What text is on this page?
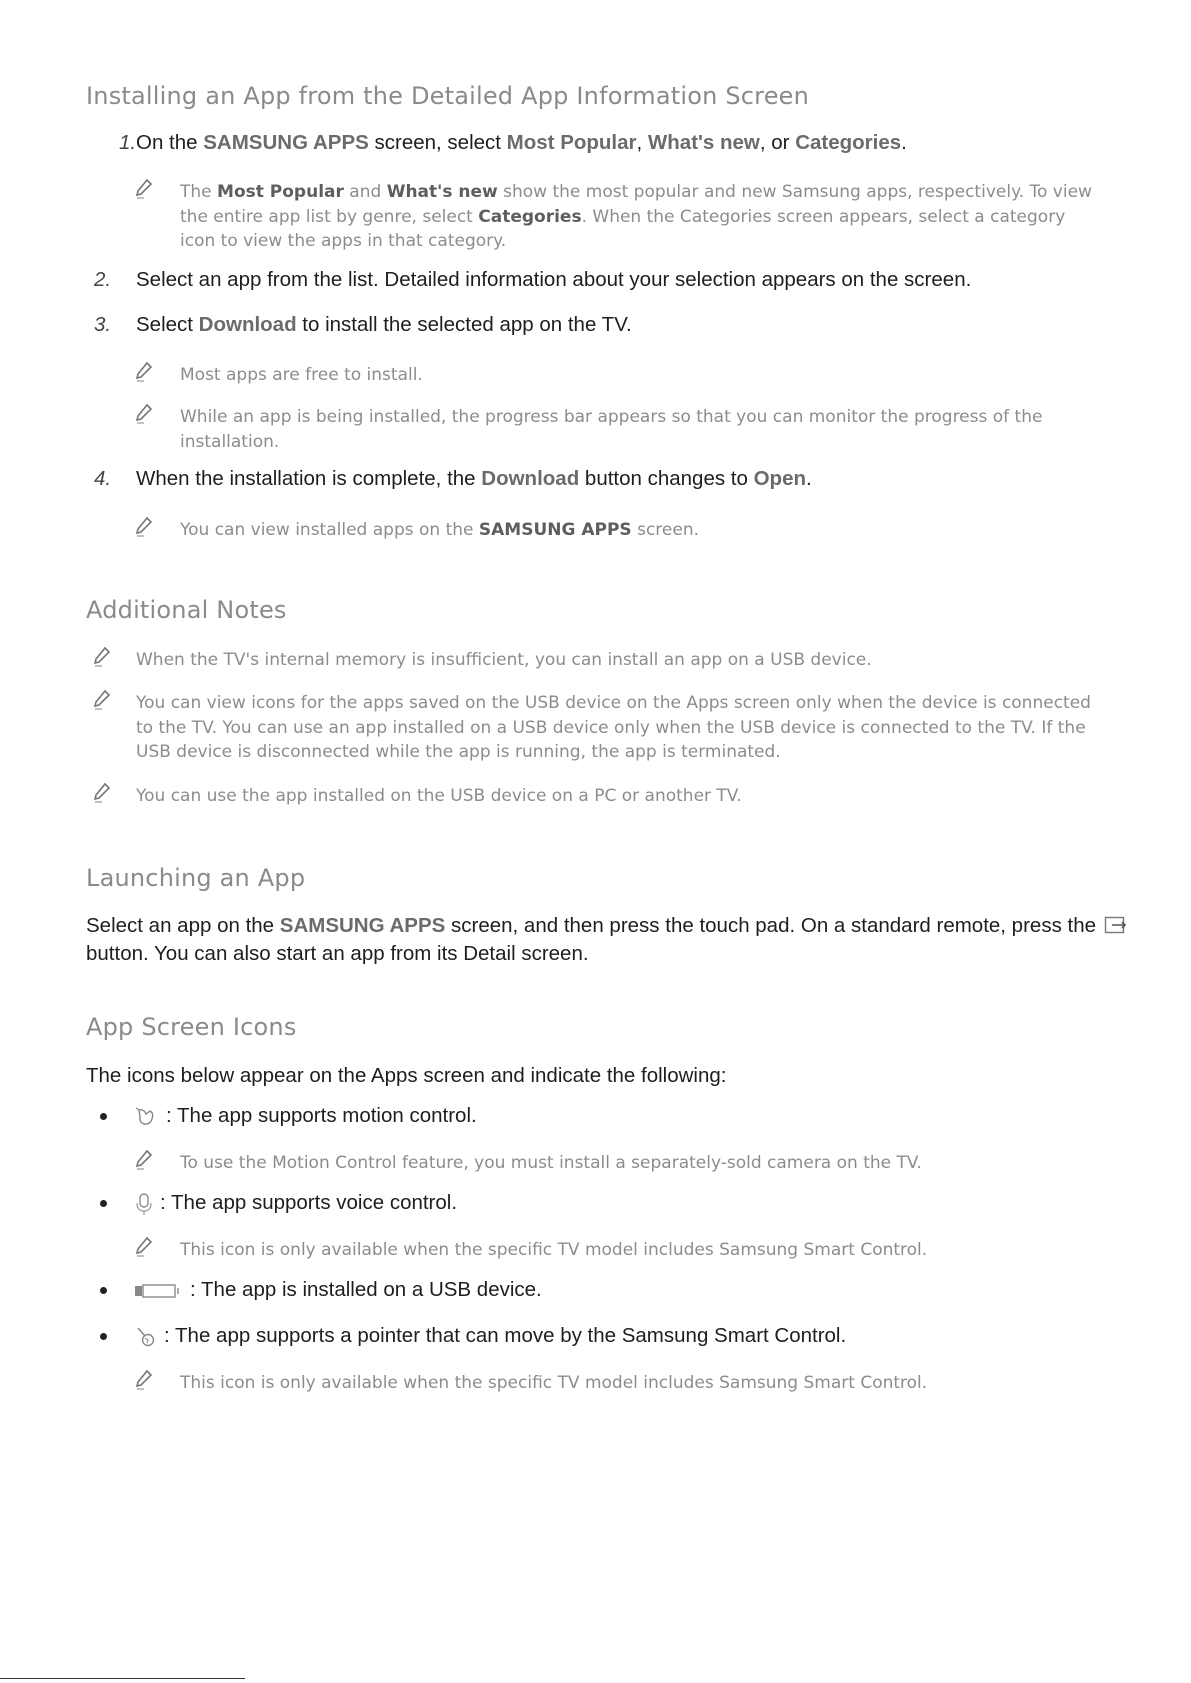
Installing an App from the Detailed App Information Screen
1. On the SAMSUNG APPS screen, select Most Popular, What's new, or Categories.
The Most Popular and What's new show the most popular and new Samsung apps, respectively. To view the entire app list by genre, select Categories. When the Categories screen appears, select a category icon to view the apps in that category.
2.	Select an app from the list. Detailed information about your selection appears on the screen.
3.	Select Download to install the selected app on the TV.
Most apps are free to install.
While an app is being installed, the progress bar appears so that you can monitor the progress of the installation.
4.	When the installation is complete, the Download button changes to Open.
You can view installed apps on the SAMSUNG APPS screen.
Additional Notes
When the TV's internal memory is insufficient, you can install an app on a USB device.
You can view icons for the apps saved on the USB device on the Apps screen only when the device is connected to the TV. You can use an app installed on a USB device only when the USB device is connected to the TV. If the USB device is disconnected while the app is running, the app is terminated.
You can use the app installed on the USB device on a PC or another TV.
Launching an App
Select an app on the SAMSUNG APPS screen, and then press the touch pad. On a standard remote, press the  button. You can also start an app from its Detail screen.
App Screen Icons
The icons below appear on the Apps screen and indicate the following:
: The app supports motion control.
To use the Motion Control feature, you must install a separately-sold camera on the TV.
: The app supports voice control.
This icon is only available when the specific TV model includes Samsung Smart Control.
: The app is installed on a USB device.
: The app supports a pointer that can move by the Samsung Smart Control.
This icon is only available when the specific TV model includes Samsung Smart Control.
